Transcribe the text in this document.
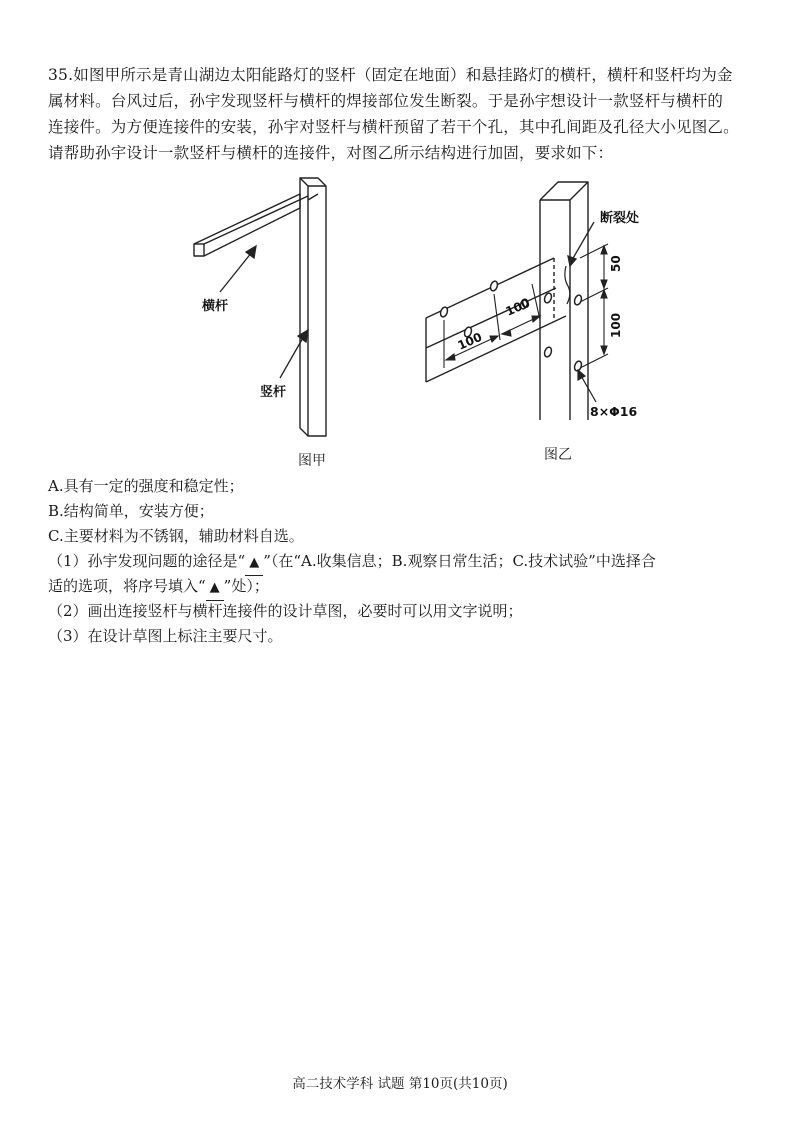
35.如图甲所示是青山湖边太阳能路灯的竖杆（固定在地面）和悬挂路灯的横杆，横杆和竖杆均为金
属材料。台风过后，孙宇发现竖杆与横杆的焊接部位发生断裂。于是孙宇想设计一款竖杆与横杆的
连接件。为方便连接件的安装，孙宇对竖杆与横杆预留了若干个孔，其中孔间距及孔径大小见图乙。
请帮助孙宇设计一款竖杆与横杆的连接件，对图乙所示结构进行加固，要求如下：
横杆
竖杆
图甲
断裂处
50
100
100
100
8×Φ16
图乙
A.具有一定的强度和稳定性；
B.结构简单，安装方便；
C.主要材料为不锈钢，辅助材料自选。
（1）孙宇发现问题的途径是“ ▲ ”（在“A.收集信息；B.观察日常生活；C.技术试验”中选择合
适的选项，将序号填入“ ▲ ”处）；
（2）画出连接竖杆与横杆连接件的设计草图，必要时可以用文字说明；
（3）在设计草图上标注主要尺寸。
高二技术学科 试题 第10页(共10页)
